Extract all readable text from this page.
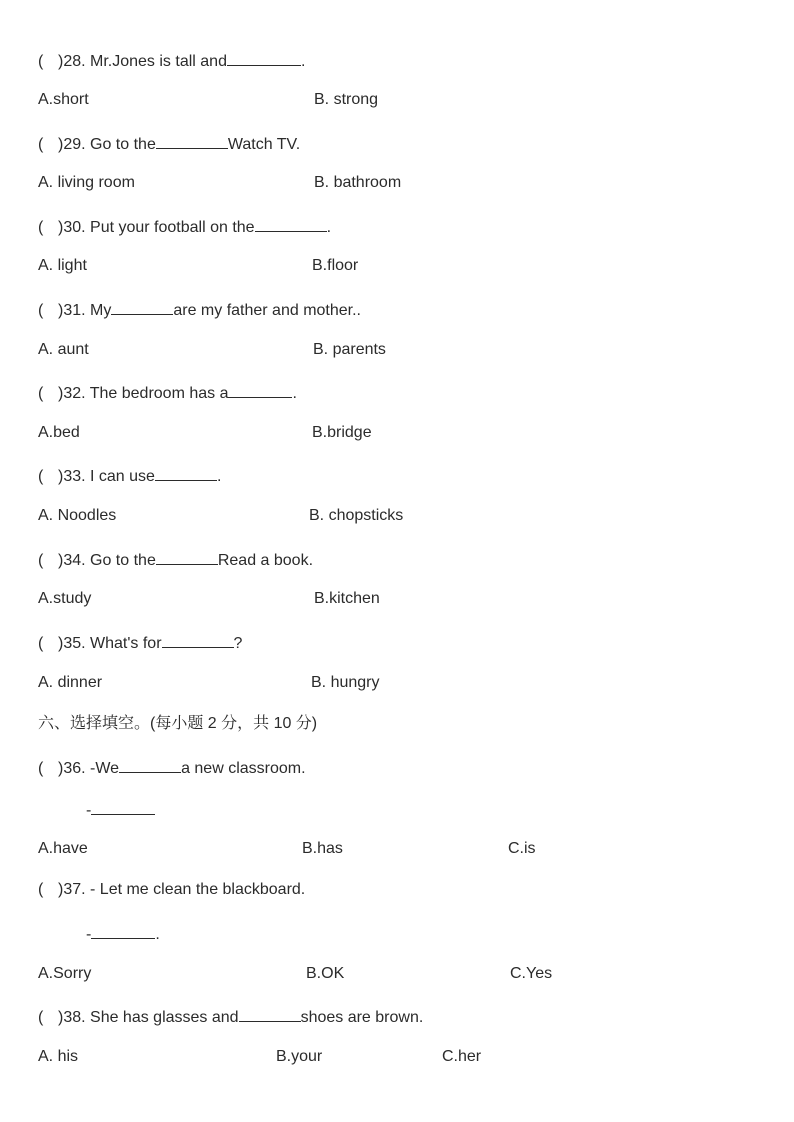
( )28. Mr.Jones is tall and	.
A.short	B. strong
( )29. Go to the	Watch TV.
A. living room	B. bathroom
( )30. Put your football on the	.
A. light	B.floor
( )31. My	are my father and mother..
A. aunt	B. parents
( )32. The bedroom has a	.
A.bed	B.bridge
( )33. I can use	.
A. Noodles	B. chopsticks
( )34. Go to the	Read a book.
A.study	B.kitchen
( )35. What's for	?
A. dinner	B. hungry
六、选择填空。(每小题 2 分，共 10 分)
( )36. -We	a new classroom.
-
A.have	B.has	C.is
( )37. - Let me clean the blackboard.
-	.
A.Sorry	B.OK	C.Yes
( )38. She has glasses and	shoes are brown.
A. his	B.your	C.her
